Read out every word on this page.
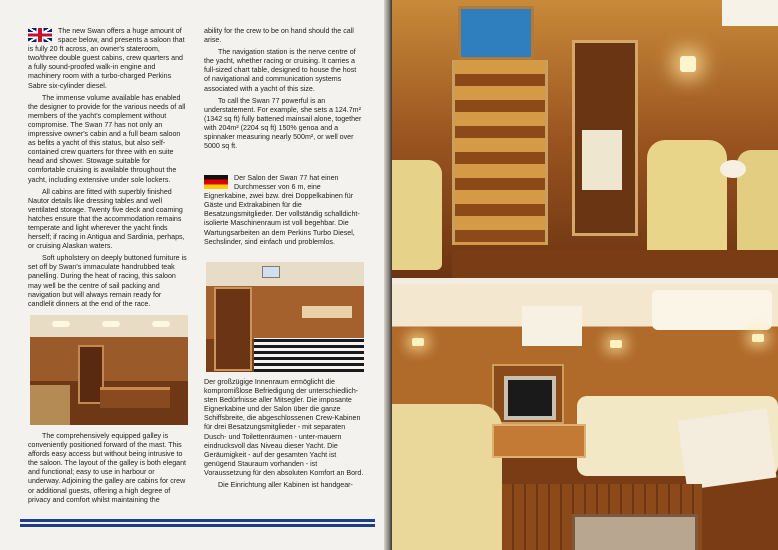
The new Swan offers a huge amount of space below, and presents a saloon that is fully 20 ft across, an owner's stateroom, two/three double guest cabins, crew quarters and a fully sound-proofed walk-in engine and machinery room with a turbo-charged Perkins Sabre six-cylinder diesel.

The immense volume available has enabled the designer to provide for the various needs of all members of the yacht's complement without compromise. The Swan 77 has not only an impressive owner's cabin and a full beam saloon as befits a yacht of this status, but also self-contained crew quarters for three with en suite head and shower. Stowage suitable for comfortable cruising is available throughout the yacht, including extensive under sole lockers.

All cabins are fitted with superbly finished Nautor details like dressing tables and well ventilated storage. Twenty five deck and coaming hatches ensure that the accommodation remains temperate and light wherever the yacht finds herself; if racing in Antigua and Sardinia, perhaps, or cruising Alaskan waters.

Soft upholstery on deeply buttoned furniture is set off by Swan's immaculate handrubbed teak panelling. During the heat of racing, this saloon may well be the centre of sail packing and navigation but will always remain ready for candlelit dinners at the end of the race.

The comprehensively equipped galley is conveniently positioned forward of the mast. This affords easy access but without being intrusive to the saloon. The layout of the galley is both elegant and functional; easy to use in harbour or underway. Adjoining the galley are cabins for crew or additional guests, offering a high degree of privacy and comfort whilst maintaining the

ability for the crew to be on hand should the call arise.

The navigation station is the nerve centre of the yacht, whether racing or cruising. It carries a full-sized chart table, designed to house the host of navigational and communication systems associated with a yacht of this size.

To call the Swan 77 powerful is an understatement. For example, she sets a 124.7m² (1342 sq ft) fully battened mainsail alone, together with 204m² (2204 sq ft) 150% genoa and a spinnaker measuring nearly 500m², or well over 5000 sq ft.

Der Salon der Swan 77 hat einen Durchmesser von 6 m, eine Eignerkabine, zwei bzw. drei Doppelkabinen für Gäste und Extrakabinen für die Besatzungsmitglieder. Der vollständig schalldicht-isolierte Maschinenraum ist voll begehbar. Die Wartungsarbeiten an dem Perkins Turbo Diesel, Sechslinder, sind einfach und problemlos.

Der großzügige Innenraum ermöglicht die kompromißlose Befriedigung der unterschiedlich-sten Bedürfnisse aller Mitsegler. Die imposante Eignerkabine und der Salon über die ganze Schiffsbreite, die abgeschlossenen Crew-Kabinen für drei Besatzungsmitglieder - mit separaten Dusch- und Toilettenräumen - unter-mauern eindrucksvoll das Niveau dieser Yacht. Die Geräumigkeit - auf der gesamten Yacht ist genügend Stauraum vorhanden - ist Voraussetzung für den absoluten Komfort an Bord.

Die Einrichtung aller Kabinen ist handgear-
